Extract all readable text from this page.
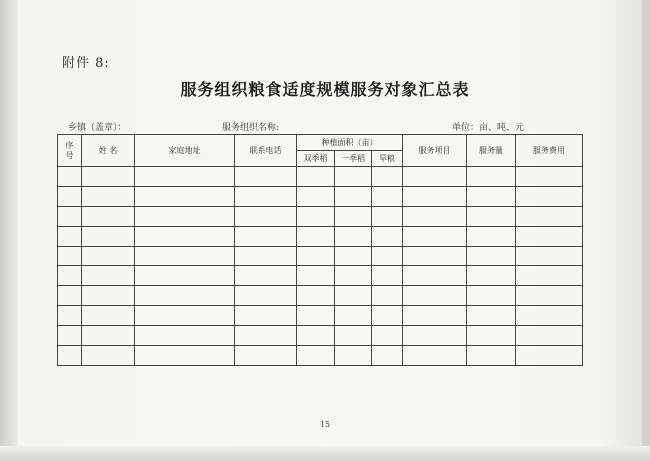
附件 8:
服务组织粮食适度规模服务对象汇总表
乡镇（盖章）：	服务组织名称:	单位：亩、吨、元
序号	姓 名	家庭地址	联系电话	种植面积（亩）			服务项目	服务量	服务费用
				双季稻	一季稻	旱粮			

15
